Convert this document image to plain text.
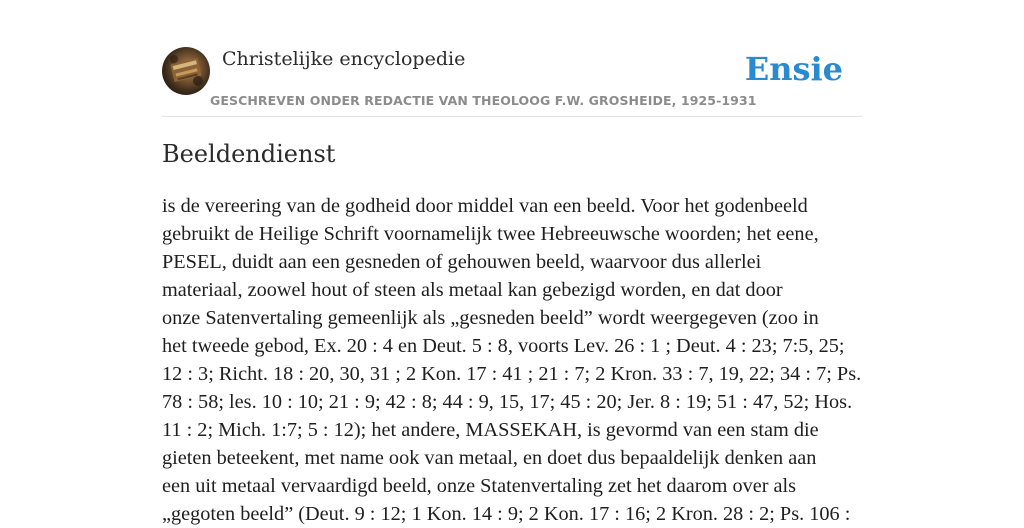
Christelijke encyclopedie
GESCHREVEN ONDER REDACTIE VAN THEOLOOG F.W. GROSHEIDE, 1925-1931
Ensie
Beeldendienst
is de vereering van de godheid door middel van een beeld. Voor het godenbeeld
gebruikt de Heilige Schrift voornamelijk twee Hebreeuwsche woorden; het eene,
PESEL, duidt aan een gesneden of gehouwen beeld, waarvoor dus allerlei
materiaal, zoowel hout of steen als metaal kan gebezigd worden, en dat door
onze Satenvertaling gemeenlijk als „gesneden beeld” wordt weergegeven (zoo in
het tweede gebod, Ex. 20 : 4 en Deut. 5 : 8, voorts Lev. 26 : 1 ; Deut. 4 : 23; 7:5, 25;
12 : 3; Richt. 18 : 20, 30, 31 ; 2 Kon. 17 : 41 ; 21 : 7; 2 Kron. 33 : 7, 19, 22; 34 : 7; Ps.
78 : 58; les. 10 : 10; 21 : 9; 42 : 8; 44 : 9, 15, 17; 45 : 20; Jer. 8 : 19; 51 : 47, 52; Hos.
11 : 2; Mich. 1:7; 5 : 12); het andere, MASSEKAH, is gevormd van een stam die
gieten beteekent, met name ook van metaal, en doet dus bepaaldelijk denken aan
een uit metaal vervaardigd beeld, onze Statenvertaling zet het daarom over als
„gegoten beeld” (Deut. 9 : 12; 1 Kon. 14 : 9; 2 Kon. 17 : 16; 2 Kron. 28 : 2; Ps. 106 :
